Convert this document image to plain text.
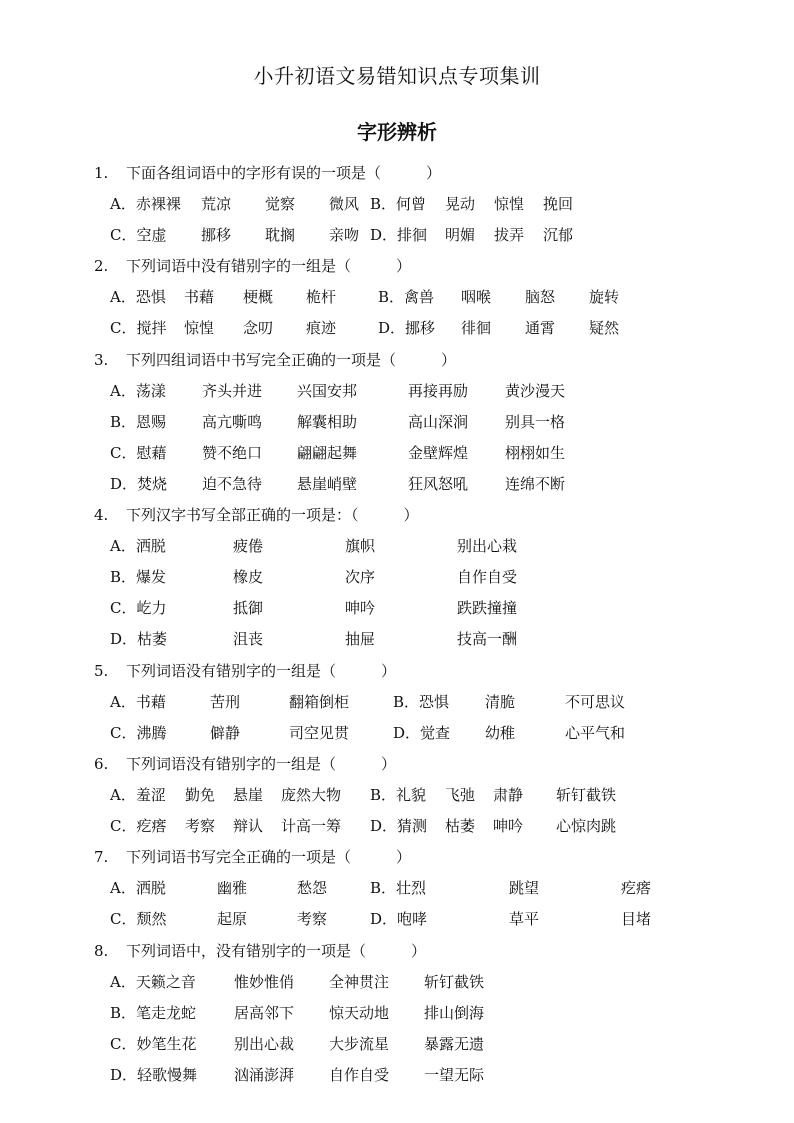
小升初语文易错知识点专项集训
字形辨析
1. 下面各组词语中的字形有误的一项是（　　　）
A．赤裸裸 荒凉 觉察 微风 B．何曾 晃动 惊惶 挽回
C．空虚 挪移 耽搁 亲吻 D．排徊 明媚 拔弄 沉郁
2. 下列词语中没有错别字的一组是（　　　）
A．恐惧 书藉 梗概 桅杆	B．禽兽 咽喉 脑怒 旋转
C．搅拌 惊惶 念叨 痕迹	D．挪移 徘徊 通霄 疑然
3. 下列四组词语中书写完全正确的一项是（　　　）
A．荡漾 齐头并进 兴国安邦	再接再励 黄沙漫天
B．恩赐 高亢嘶鸣 解囊相助	高山深涧 别具一格
C．慰藉 赞不绝口 翩翩起舞	金壁辉煌 栩栩如生
D．焚烧 迫不急待 悬崖峭壁	狂风怒吼 连绵不断
4. 下列汉字书写全部正确的一项是：（　　　）
A．洒脱	疲倦	旗帜	别出心栽
B．爆发	橡皮	次序	自作自受
C．屹力	抵御	呻吟	跌跌撞撞
D．枯萎	沮丧	抽屉	技高一酬
5. 下列词语没有错别字的一组是（　　　）
A．书藉	苦刑	翻箱倒柜	B．恐惧 清脆	不可思议
C．沸腾	僻静	司空见贯	D．觉查 幼稚	心平气和
6. 下列词语没有错别字的一组是（　　　）
A．羞涩 勤免 悬崖 庞然大物 B．礼貌 飞弛 肃静 斩钉截铁
C．疙瘩 考察 辩认 计高一筹 D．猜测 枯萎 呻吟 心惊肉跳
7. 下列词语书写完全正确的一项是（　　　）
A．洒脱	幽雅	愁怨	B．壮烈	跳望	疙瘩
C．颓然	起原	考察	D．咆哮	草平	目堵
8. 下列词语中，没有错别字的一项是（　　　）
A．天籁之音	惟妙惟俏 全神贯注 斩钉截铁
B．笔走龙蛇	居高邻下 惊天动地 排山倒海
C．妙笔生花	别出心裁 大步流星 暴露无遗
D．轻歌慢舞 汹涌澎湃 自作自受 一望无际
